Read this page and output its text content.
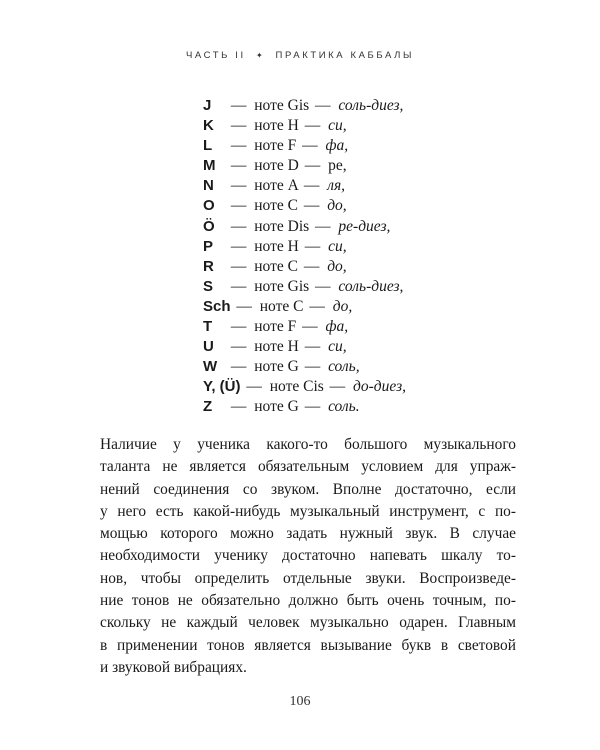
ЧАСТЬ II ✦ ПРАКТИКА КАББАЛЫ
J — ноте Gis — соль-диез,
K — ноте H — си,
L — ноте F — фа,
M — ноте D — ре,
N — ноте A — ля,
O — ноте C — до,
Ö — ноте Dis — ре-диез,
P — ноте H — си,
R — ноте C — до,
S — ноте Gis — соль-диез,
Sch — ноте C — до,
T — ноте F — фа,
U — ноте H — си,
W — ноте G — соль,
Y, (Ü) — ноте Cis — до-диез,
Z — ноте G — соль.
Наличие у ученика какого-то большого музыкального
таланта не является обязательным условием для упраж-
нений соединения со звуком. Вполне достаточно, если
у него есть какой-нибудь музыкальный инструмент, с по-
мощью которого можно задать нужный звук. В случае
необходимости ученику достаточно напевать шкалу то-
нов, чтобы определить отдельные звуки. Воспроизведе-
ние тонов не обязательно должно быть очень точным, по-
скольку не каждый человек музыкально одарен. Главным
в применении тонов является вызывание букв в световой
и звуковой вибрациях.
106
